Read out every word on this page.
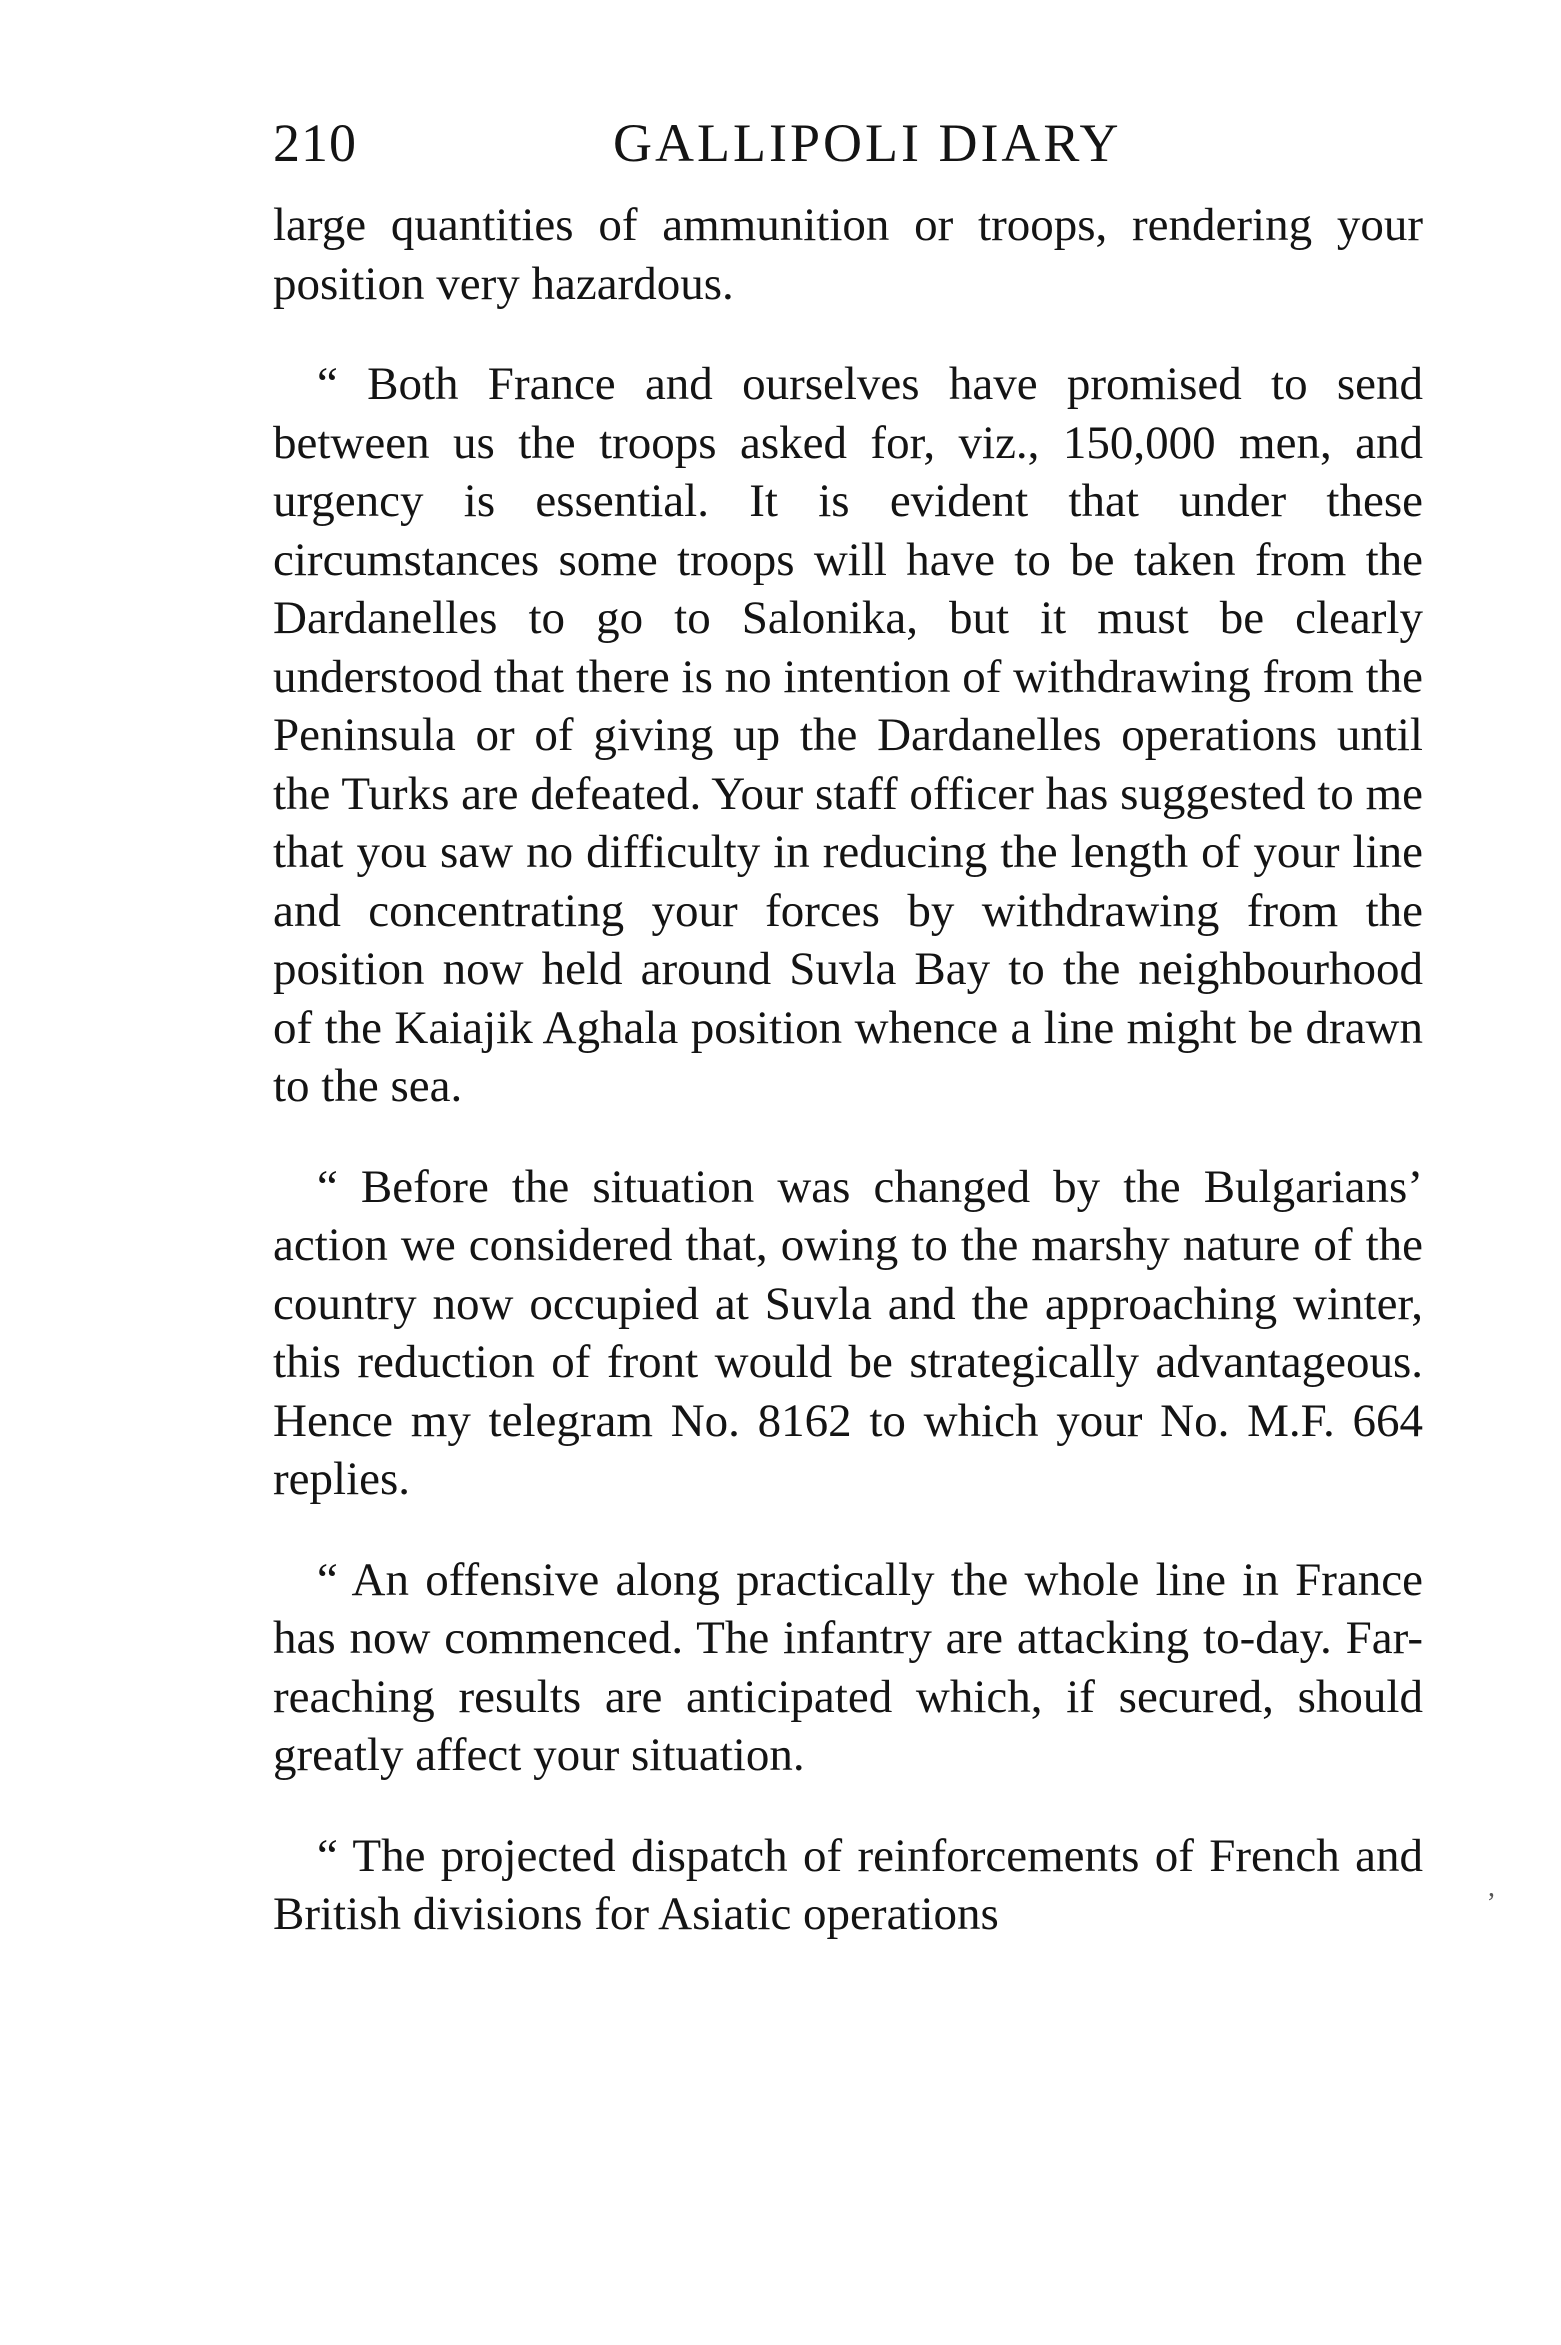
210	GALLIPOLI DIARY

large quantities of ammunition or troops, rendering your position very hazardous.

“ Both France and ourselves have promised to send between us the troops asked for, viz., 150,000 men, and urgency is essential. It is evident that under these circumstances some troops will have to be taken from the Dardanelles to go to Salonika, but it must be clearly understood that there is no intention of withdrawing from the Peninsula or of giving up the Dardanelles operations until the Turks are defeated. Your staff officer has suggested to me that you saw no difficulty in reducing the length of your line and concentrating your forces by withdrawing from the position now held around Suvla Bay to the neighbourhood of the Kaiajik Aghala position whence a line might be drawn to the sea.

“ Before the situation was changed by the Bulgarians’ action we considered that, owing to the marshy nature of the country now occupied at Suvla and the approaching winter, this reduction of front would be strategically advantageous. Hence my telegram No. 8162 to which your No. M.F. 664 replies.

“ An offensive along practically the whole line in France has now commenced. The infantry are attacking to-day. Far-reaching results are anticipated which, if secured, should greatly affect your situation.

“ The projected dispatch of reinforcements of French and British divisions for Asiatic operations

,
